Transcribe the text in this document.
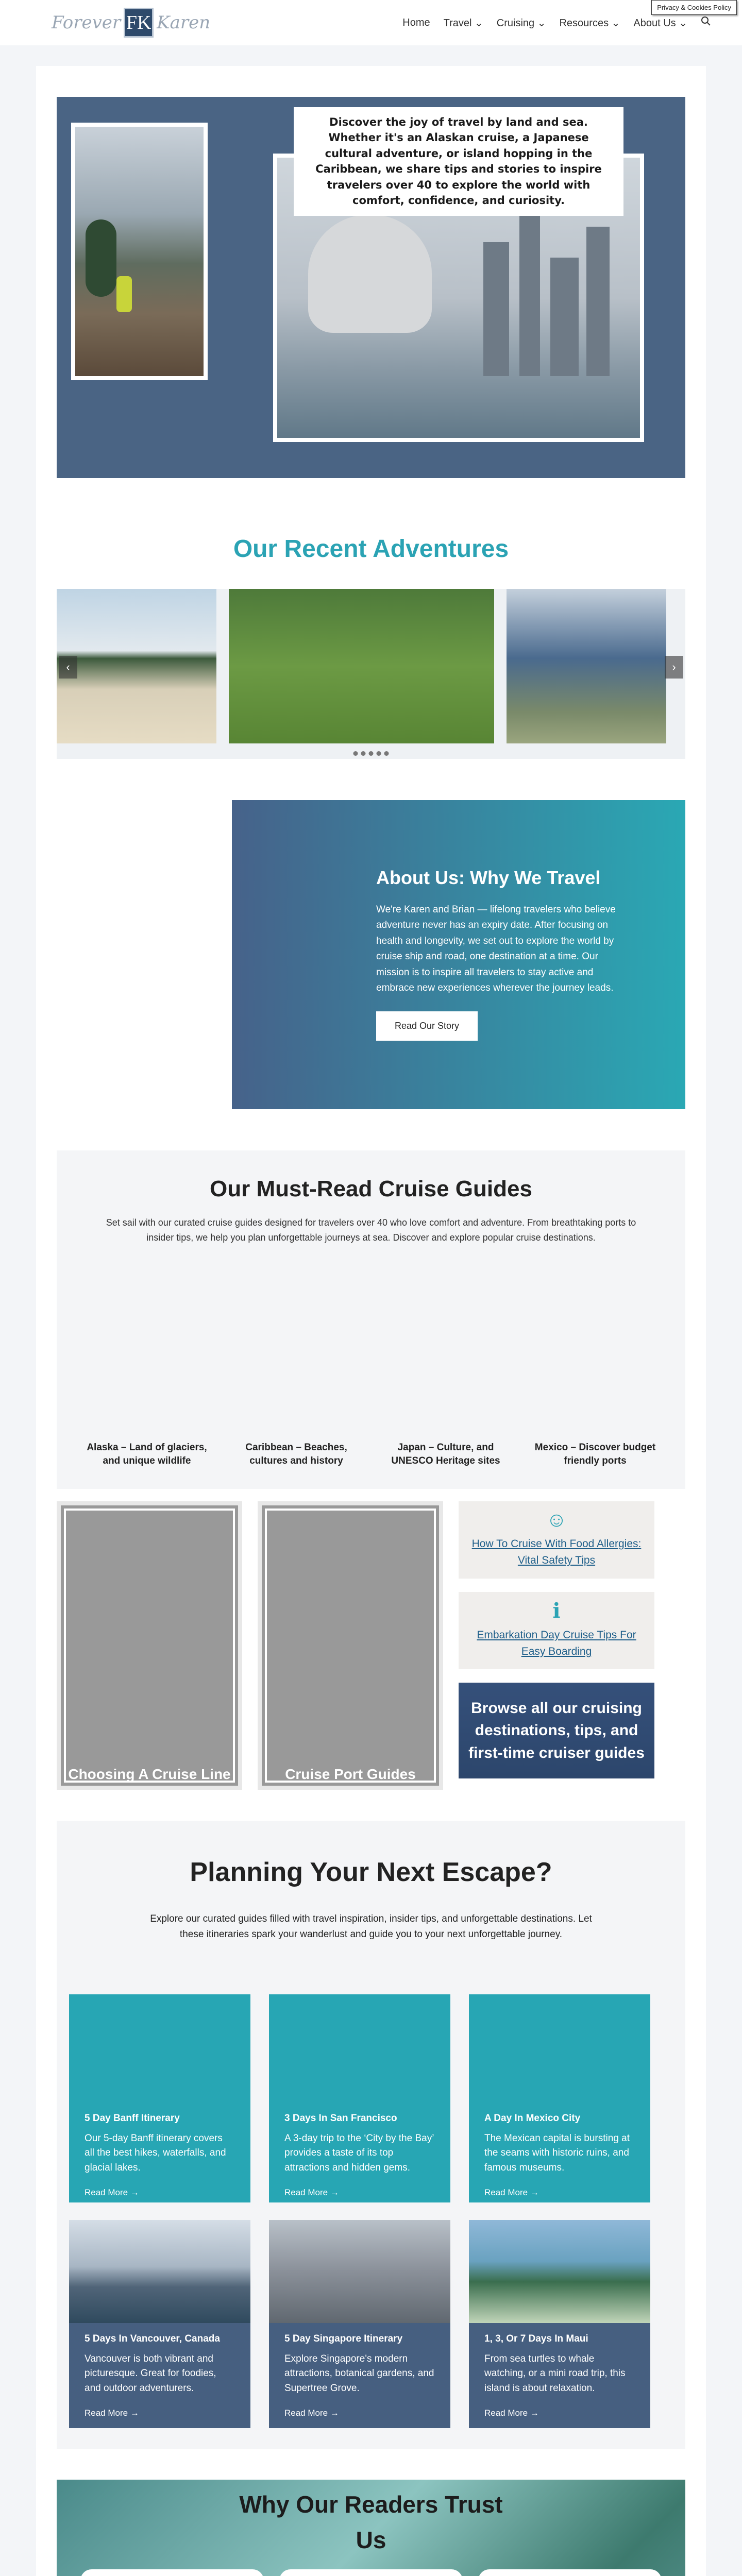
Forever FK Karen	Home Travel ⌄ Cruising ⌄ Resources ⌄ About Us ⌄
Privacy & Cookies Policy
Discover the joy of travel by land and sea. Whether it's an Alaskan cruise, a Japanese cultural adventure, or island hopping in the Caribbean, we share tips and stories to inspire travelers over 40 to explore the world with comfort, confidence, and curiosity.
Our Recent Adventures
‹	›
About Us: Why We Travel

We're Karen and Brian — lifelong travelers who believe adventure never has an expiry date. After focusing on health and longevity, we set out to explore the world by cruise ship and road, one destination at a time. Our mission is to inspire all travelers to stay active and embrace new experiences wherever the journey leads.

Read Our Story
Our Must-Read Cruise Guides

Set sail with our curated cruise guides designed for travelers over 40 who love comfort and adventure. From breathtaking ports to insider tips, we help you plan unforgettable journeys at sea. Discover and explore popular cruise destinations.

Alaska – Land of glaciers, and unique wildlife
Caribbean – Beaches, cultures and history
Japan – Culture, and UNESCO Heritage sites
Mexico – Discover budget friendly ports
Choosing A Cruise Line	Cruise Port Guides
☺
How To Cruise With Food Allergies: Vital Safety Tips
ℹ
Embarkation Day Cruise Tips For Easy Boarding
Browse all our cruising destinations, tips, and first-time cruiser guides
Planning Your Next Escape?

Explore our curated guides filled with travel inspiration, insider tips, and unforgettable destinations. Let these itineraries spark your wanderlust and guide you to your next unforgettable journey.

5 Day Banff Itinerary
Our 5-day Banff itinerary covers all the best hikes, waterfalls, and glacial lakes.
Read More →
3 Days In San Francisco
A 3-day trip to the ‘City by the Bay’ provides a taste of its top attractions and hidden gems.
Read More →
A Day In Mexico City
The Mexican capital is bursting at the seams with historic ruins, and famous museums.
Read More →
5 Days In Vancouver, Canada
Vancouver is both vibrant and picturesque. Great for foodies, and outdoor adventurers.
Read More →
5 Day Singapore Itinerary
Explore Singapore's modern attractions, botanical gardens, and Supertree Grove.
Read More →
1, 3, Or 7 Days In Maui
From sea turtles to whale watching, or a mini road trip, this island is about relaxation.
Read More →
Why Our Readers Trust Us
